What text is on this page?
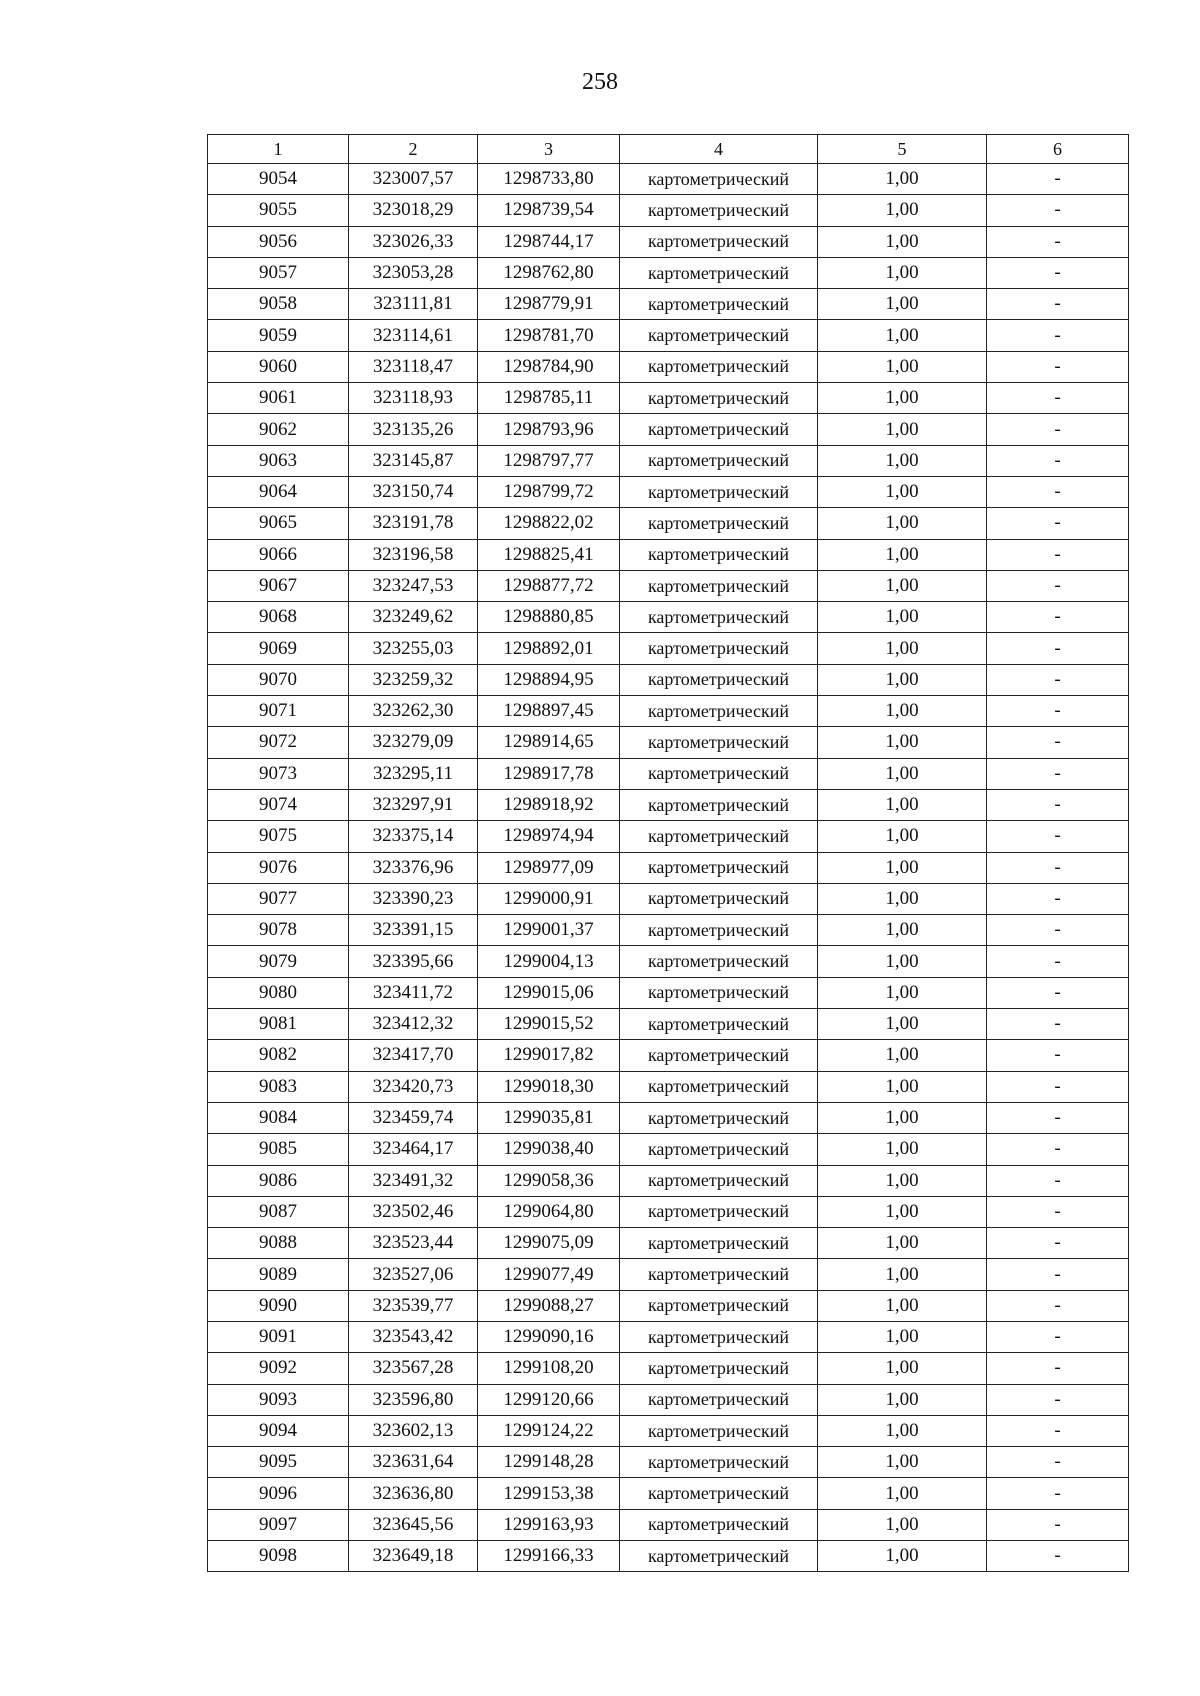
258
1	2	3	4	5	6
9054	323007,57	1298733,80	картометрический	1,00	-
9055	323018,29	1298739,54	картометрический	1,00	-
9056	323026,33	1298744,17	картометрический	1,00	-
9057	323053,28	1298762,80	картометрический	1,00	-
9058	323111,81	1298779,91	картометрический	1,00	-
9059	323114,61	1298781,70	картометрический	1,00	-
9060	323118,47	1298784,90	картометрический	1,00	-
9061	323118,93	1298785,11	картометрический	1,00	-
9062	323135,26	1298793,96	картометрический	1,00	-
9063	323145,87	1298797,77	картометрический	1,00	-
9064	323150,74	1298799,72	картометрический	1,00	-
9065	323191,78	1298822,02	картометрический	1,00	-
9066	323196,58	1298825,41	картометрический	1,00	-
9067	323247,53	1298877,72	картометрический	1,00	-
9068	323249,62	1298880,85	картометрический	1,00	-
9069	323255,03	1298892,01	картометрический	1,00	-
9070	323259,32	1298894,95	картометрический	1,00	-
9071	323262,30	1298897,45	картометрический	1,00	-
9072	323279,09	1298914,65	картометрический	1,00	-
9073	323295,11	1298917,78	картометрический	1,00	-
9074	323297,91	1298918,92	картометрический	1,00	-
9075	323375,14	1298974,94	картометрический	1,00	-
9076	323376,96	1298977,09	картометрический	1,00	-
9077	323390,23	1299000,91	картометрический	1,00	-
9078	323391,15	1299001,37	картометрический	1,00	-
9079	323395,66	1299004,13	картометрический	1,00	-
9080	323411,72	1299015,06	картометрический	1,00	-
9081	323412,32	1299015,52	картометрический	1,00	-
9082	323417,70	1299017,82	картометрический	1,00	-
9083	323420,73	1299018,30	картометрический	1,00	-
9084	323459,74	1299035,81	картометрический	1,00	-
9085	323464,17	1299038,40	картометрический	1,00	-
9086	323491,32	1299058,36	картометрический	1,00	-
9087	323502,46	1299064,80	картометрический	1,00	-
9088	323523,44	1299075,09	картометрический	1,00	-
9089	323527,06	1299077,49	картометрический	1,00	-
9090	323539,77	1299088,27	картометрический	1,00	-
9091	323543,42	1299090,16	картометрический	1,00	-
9092	323567,28	1299108,20	картометрический	1,00	-
9093	323596,80	1299120,66	картометрический	1,00	-
9094	323602,13	1299124,22	картометрический	1,00	-
9095	323631,64	1299148,28	картометрический	1,00	-
9096	323636,80	1299153,38	картометрический	1,00	-
9097	323645,56	1299163,93	картометрический	1,00	-
9098	323649,18	1299166,33	картометрический	1,00	-
